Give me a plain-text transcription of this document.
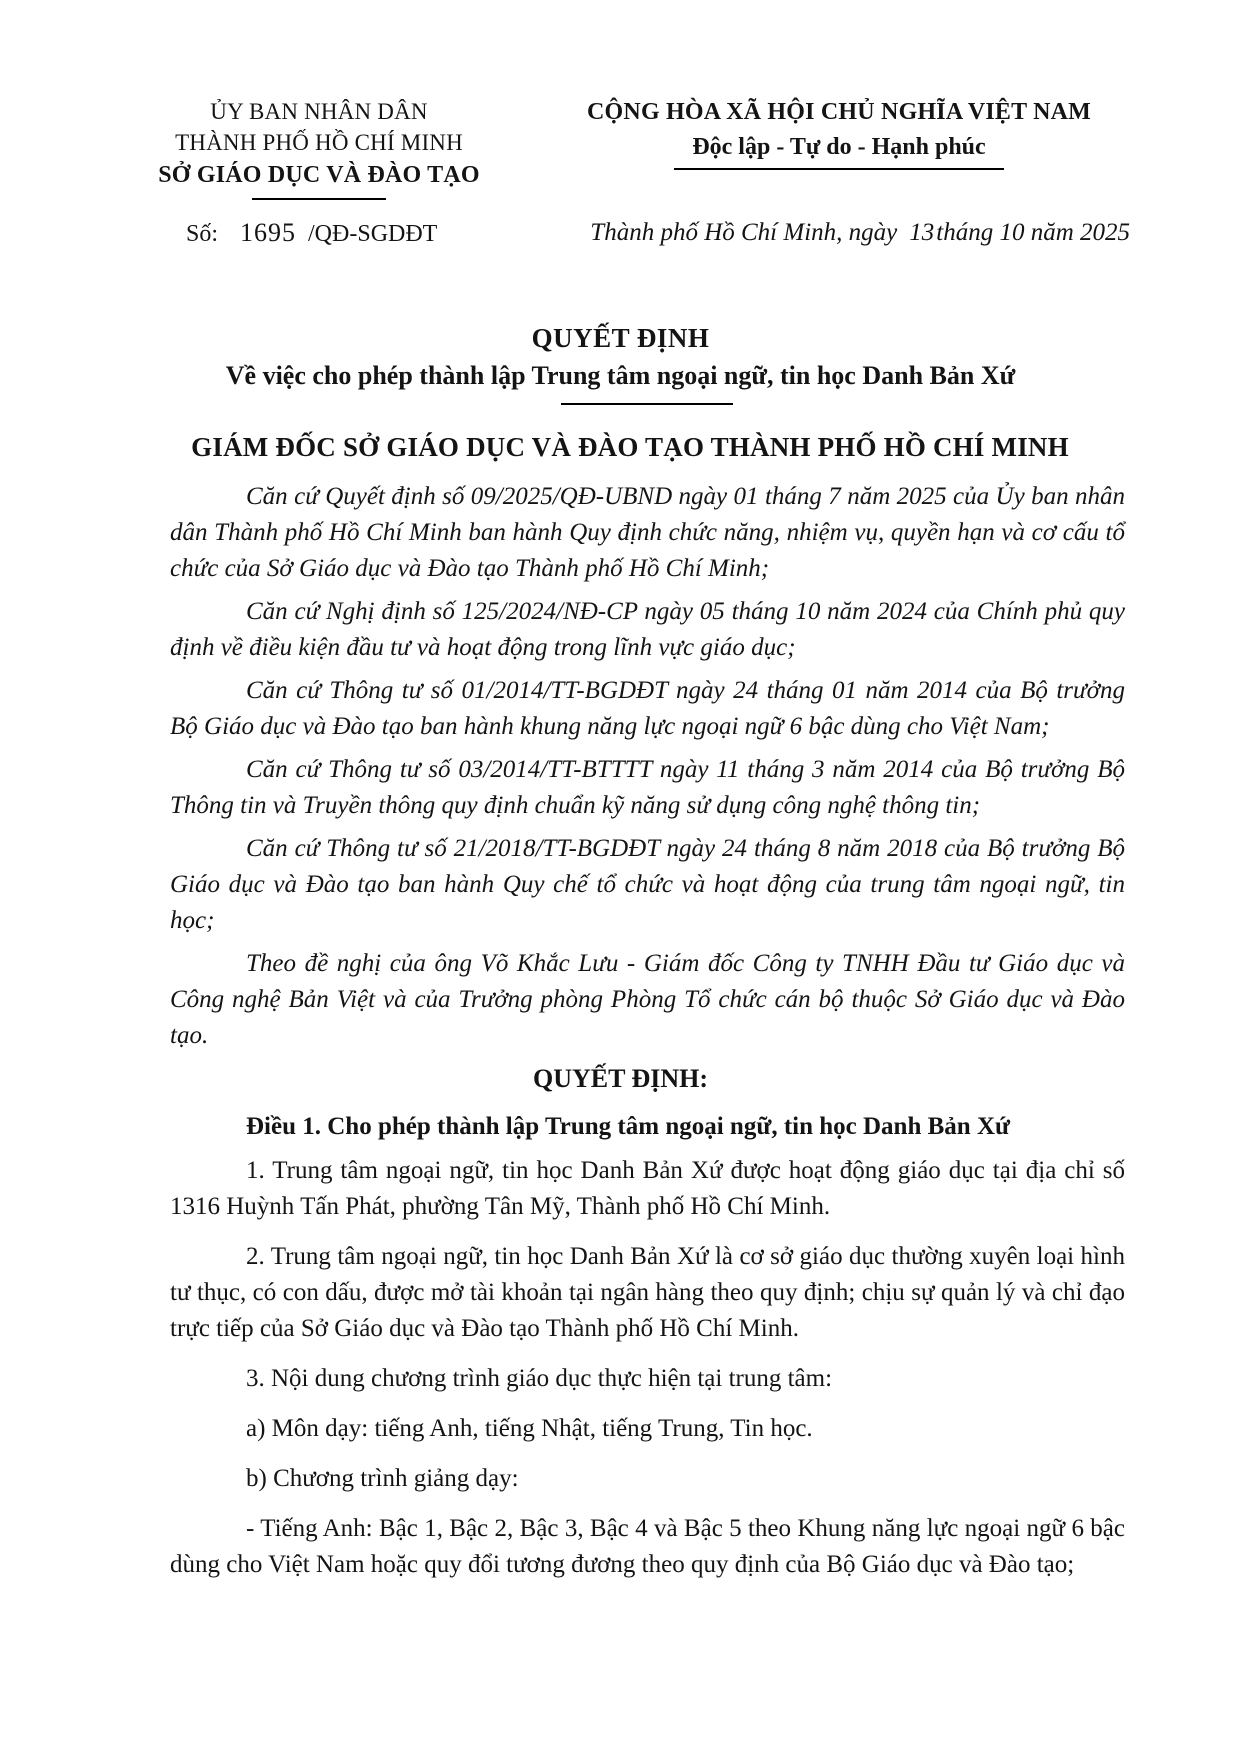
ỦY BAN NHÂN DÂN
THÀNH PHỐ HỒ CHÍ MINH
SỞ GIÁO DỤC VÀ ĐÀO TẠO
CỘNG HÒA XÃ HỘI CHỦ NGHĨA VIỆT NAM
Độc lập - Tự do - Hạnh phúc
Số: 1695 /QĐ-SGDĐT	Thành phố Hồ Chí Minh, ngày 13tháng 10 năm 2025
QUYẾT ĐỊNH
Về việc cho phép thành lập Trung tâm ngoại ngữ, tin học Danh Bản Xứ
GIÁM ĐỐC SỞ GIÁO DỤC VÀ ĐÀO TẠO THÀNH PHỐ HỒ CHÍ MINH

Căn cứ Quyết định số 09/2025/QĐ-UBND ngày 01 tháng 7 năm 2025 của Ủy ban nhân dân Thành phố Hồ Chí Minh ban hành Quy định chức năng, nhiệm vụ, quyền hạn và cơ cấu tổ chức của Sở Giáo dục và Đào tạo Thành phố Hồ Chí Minh;

Căn cứ Nghị định số 125/2024/NĐ-CP ngày 05 tháng 10 năm 2024 của Chính phủ quy định về điều kiện đầu tư và hoạt động trong lĩnh vực giáo dục;

Căn cứ Thông tư số 01/2014/TT-BGDĐT ngày 24 tháng 01 năm 2014 của Bộ trưởng Bộ Giáo dục và Đào tạo ban hành khung năng lực ngoại ngữ 6 bậc dùng cho Việt Nam;

Căn cứ Thông tư số 03/2014/TT-BTTTT ngày 11 tháng 3 năm 2014 của Bộ trưởng Bộ Thông tin và Truyền thông quy định chuẩn kỹ năng sử dụng công nghệ thông tin;

Căn cứ Thông tư số 21/2018/TT-BGDĐT ngày 24 tháng 8 năm 2018 của Bộ trưởng Bộ Giáo dục và Đào tạo ban hành Quy chế tổ chức và hoạt động của trung tâm ngoại ngữ, tin học;

Theo đề nghị của ông Võ Khắc Lưu - Giám đốc Công ty TNHH Đầu tư Giáo dục và Công nghệ Bản Việt và của Trưởng phòng Phòng Tổ chức cán bộ thuộc Sở Giáo dục và Đào tạo.

QUYẾT ĐỊNH:
Điều 1. Cho phép thành lập Trung tâm ngoại ngữ, tin học Danh Bản Xứ

1. Trung tâm ngoại ngữ, tin học Danh Bản Xứ được hoạt động giáo dục tại địa chỉ số 1316 Huỳnh Tấn Phát, phường Tân Mỹ, Thành phố Hồ Chí Minh.

2. Trung tâm ngoại ngữ, tin học Danh Bản Xứ là cơ sở giáo dục thường xuyên loại hình tư thục, có con dấu, được mở tài khoản tại ngân hàng theo quy định; chịu sự quản lý và chỉ đạo trực tiếp của Sở Giáo dục và Đào tạo Thành phố Hồ Chí Minh.

3. Nội dung chương trình giáo dục thực hiện tại trung tâm:

a) Môn dạy: tiếng Anh, tiếng Nhật, tiếng Trung, Tin học.

b) Chương trình giảng dạy:

- Tiếng Anh: Bậc 1, Bậc 2, Bậc 3, Bậc 4 và Bậc 5 theo Khung năng lực ngoại ngữ 6 bậc dùng cho Việt Nam hoặc quy đổi tương đương theo quy định của Bộ Giáo dục và Đào tạo;
